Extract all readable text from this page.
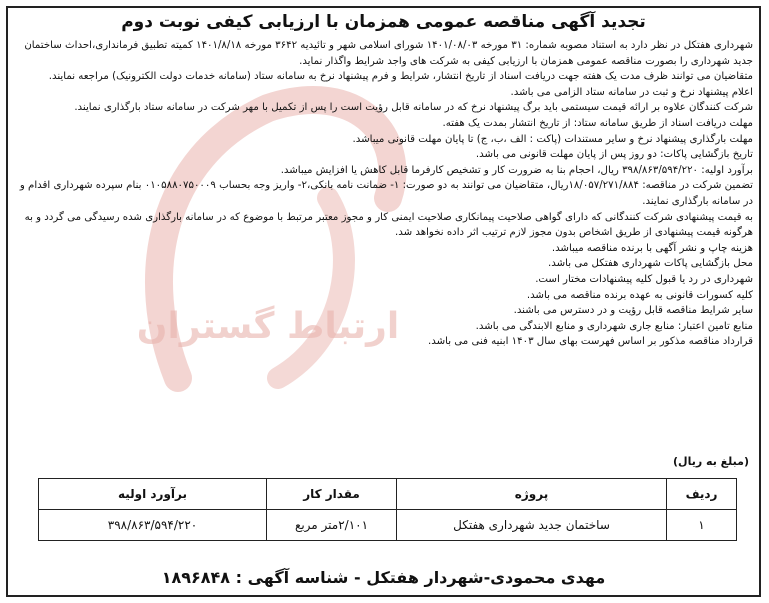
ارتباط گستران
تجدید آگهی مناقصه عمومی همزمان با ارزیابی کیفی نوبت دوم

شهرداری هفتکل در نظر دارد به استناد مصوبه شماره: ۳۱ مورخه ۱۴۰۱/۰۸/۰۳ شورای اسلامی شهر و تائیدیه ۳۶۴۲ مورخه ۱۴۰۱/۸/۱۸ کمیته تطبیق فرمانداری،احداث ساختمان جدید شهرداری را بصورت مناقصه عمومی همزمان با ارزیابی کیفی به شرکت های واجد شرایط واگذار نماید.

متقاضیان می توانند ظرف مدت یک هفته جهت دریافت اسناد از تاریخ انتشار، شرایط و فرم پیشنهاد نرخ به سامانه ستاد (سامانه خدمات دولت الکترونیک) مراجعه نمایند.

اعلام پیشنهاد نرخ و ثبت در سامانه ستاد الزامی می باشد.

شرکت کنندگان علاوه بر ارائه قیمت سیستمی باید برگ پیشنهاد نرخ که در سامانه قابل رؤیت است را پس از تکمیل با مهر شرکت در سامانه ستاد بارگذاری نمایند.

مهلت دریافت اسناد از طریق سامانه ستاد: از تاریخ انتشار بمدت یک هفته.

مهلت بارگذاری پیشنهاد نرخ و سایر مستندات (پاکت : الف ،ب، ج) تا پایان مهلت قانونی میباشد.

تاریخ بازگشایی پاکات: دو روز پس از پایان مهلت قانونی می باشد.

برآورد اولیه: ۳۹۸/۸۶۳/۵۹۴/۲۲۰ ریال، احجام بنا به ضرورت کار و تشخیص کارفرما قابل کاهش یا افزایش میباشد.

تضمین شرکت در مناقصه: ۱۸/۰۵۷/۲۷۱/۸۸۴ریال، متقاضیان می توانند به دو صورت: ۱- ضمانت نامه بانکی،۲- واریز وجه بحساب ۰۱۰۵۸۸۰۷۵۰۰۰۹ بنام سپرده شهرداری اقدام و در سامانه بارگذاری نمایند.

به قیمت پیشنهادی شرکت کنندگانی که دارای گواهی صلاحیت پیمانکاری صلاحیت ایمنی کار و مجوز معتبر مرتبط با موضوع که در سامانه بارگذاری شده رسیدگی می گردد و به هرگونه قیمت پیشنهادی از طریق اشخاص بدون مجوز لازم ترتیب اثر داده نخواهد شد.

هزینه چاپ و نشر آگهی با برنده مناقصه میباشد.

محل بازگشایی پاکات شهرداری هفتکل می باشد.

شهرداری در رد یا قبول کلیه پیشنهادات مختار است.

کلیه کسورات قانونی به عهده برنده مناقصه می باشد.

سایر شرایط مناقصه قابل رؤیت و در دسترس می باشند.

منابع تامین اعتبار: منابع جاری شهرداری و منابع الابندگی می باشد.

قرارداد مناقصه مذکور بر اساس فهرست بهای سال ۱۴۰۳ ابنیه فنی می باشد.

(مبلغ به ریال)
ردیف	پروژه	مقدار کار	برآورد اولیه
۱	ساختمان جدید شهرداری هفتکل	۲/۱۰۱متر مربع	۳۹۸/۸۶۳/۵۹۴/۲۲۰
مهدی محمودی-شهردار هفتکل - شناسه آگهی : ۱۸۹۶۸۴۸
